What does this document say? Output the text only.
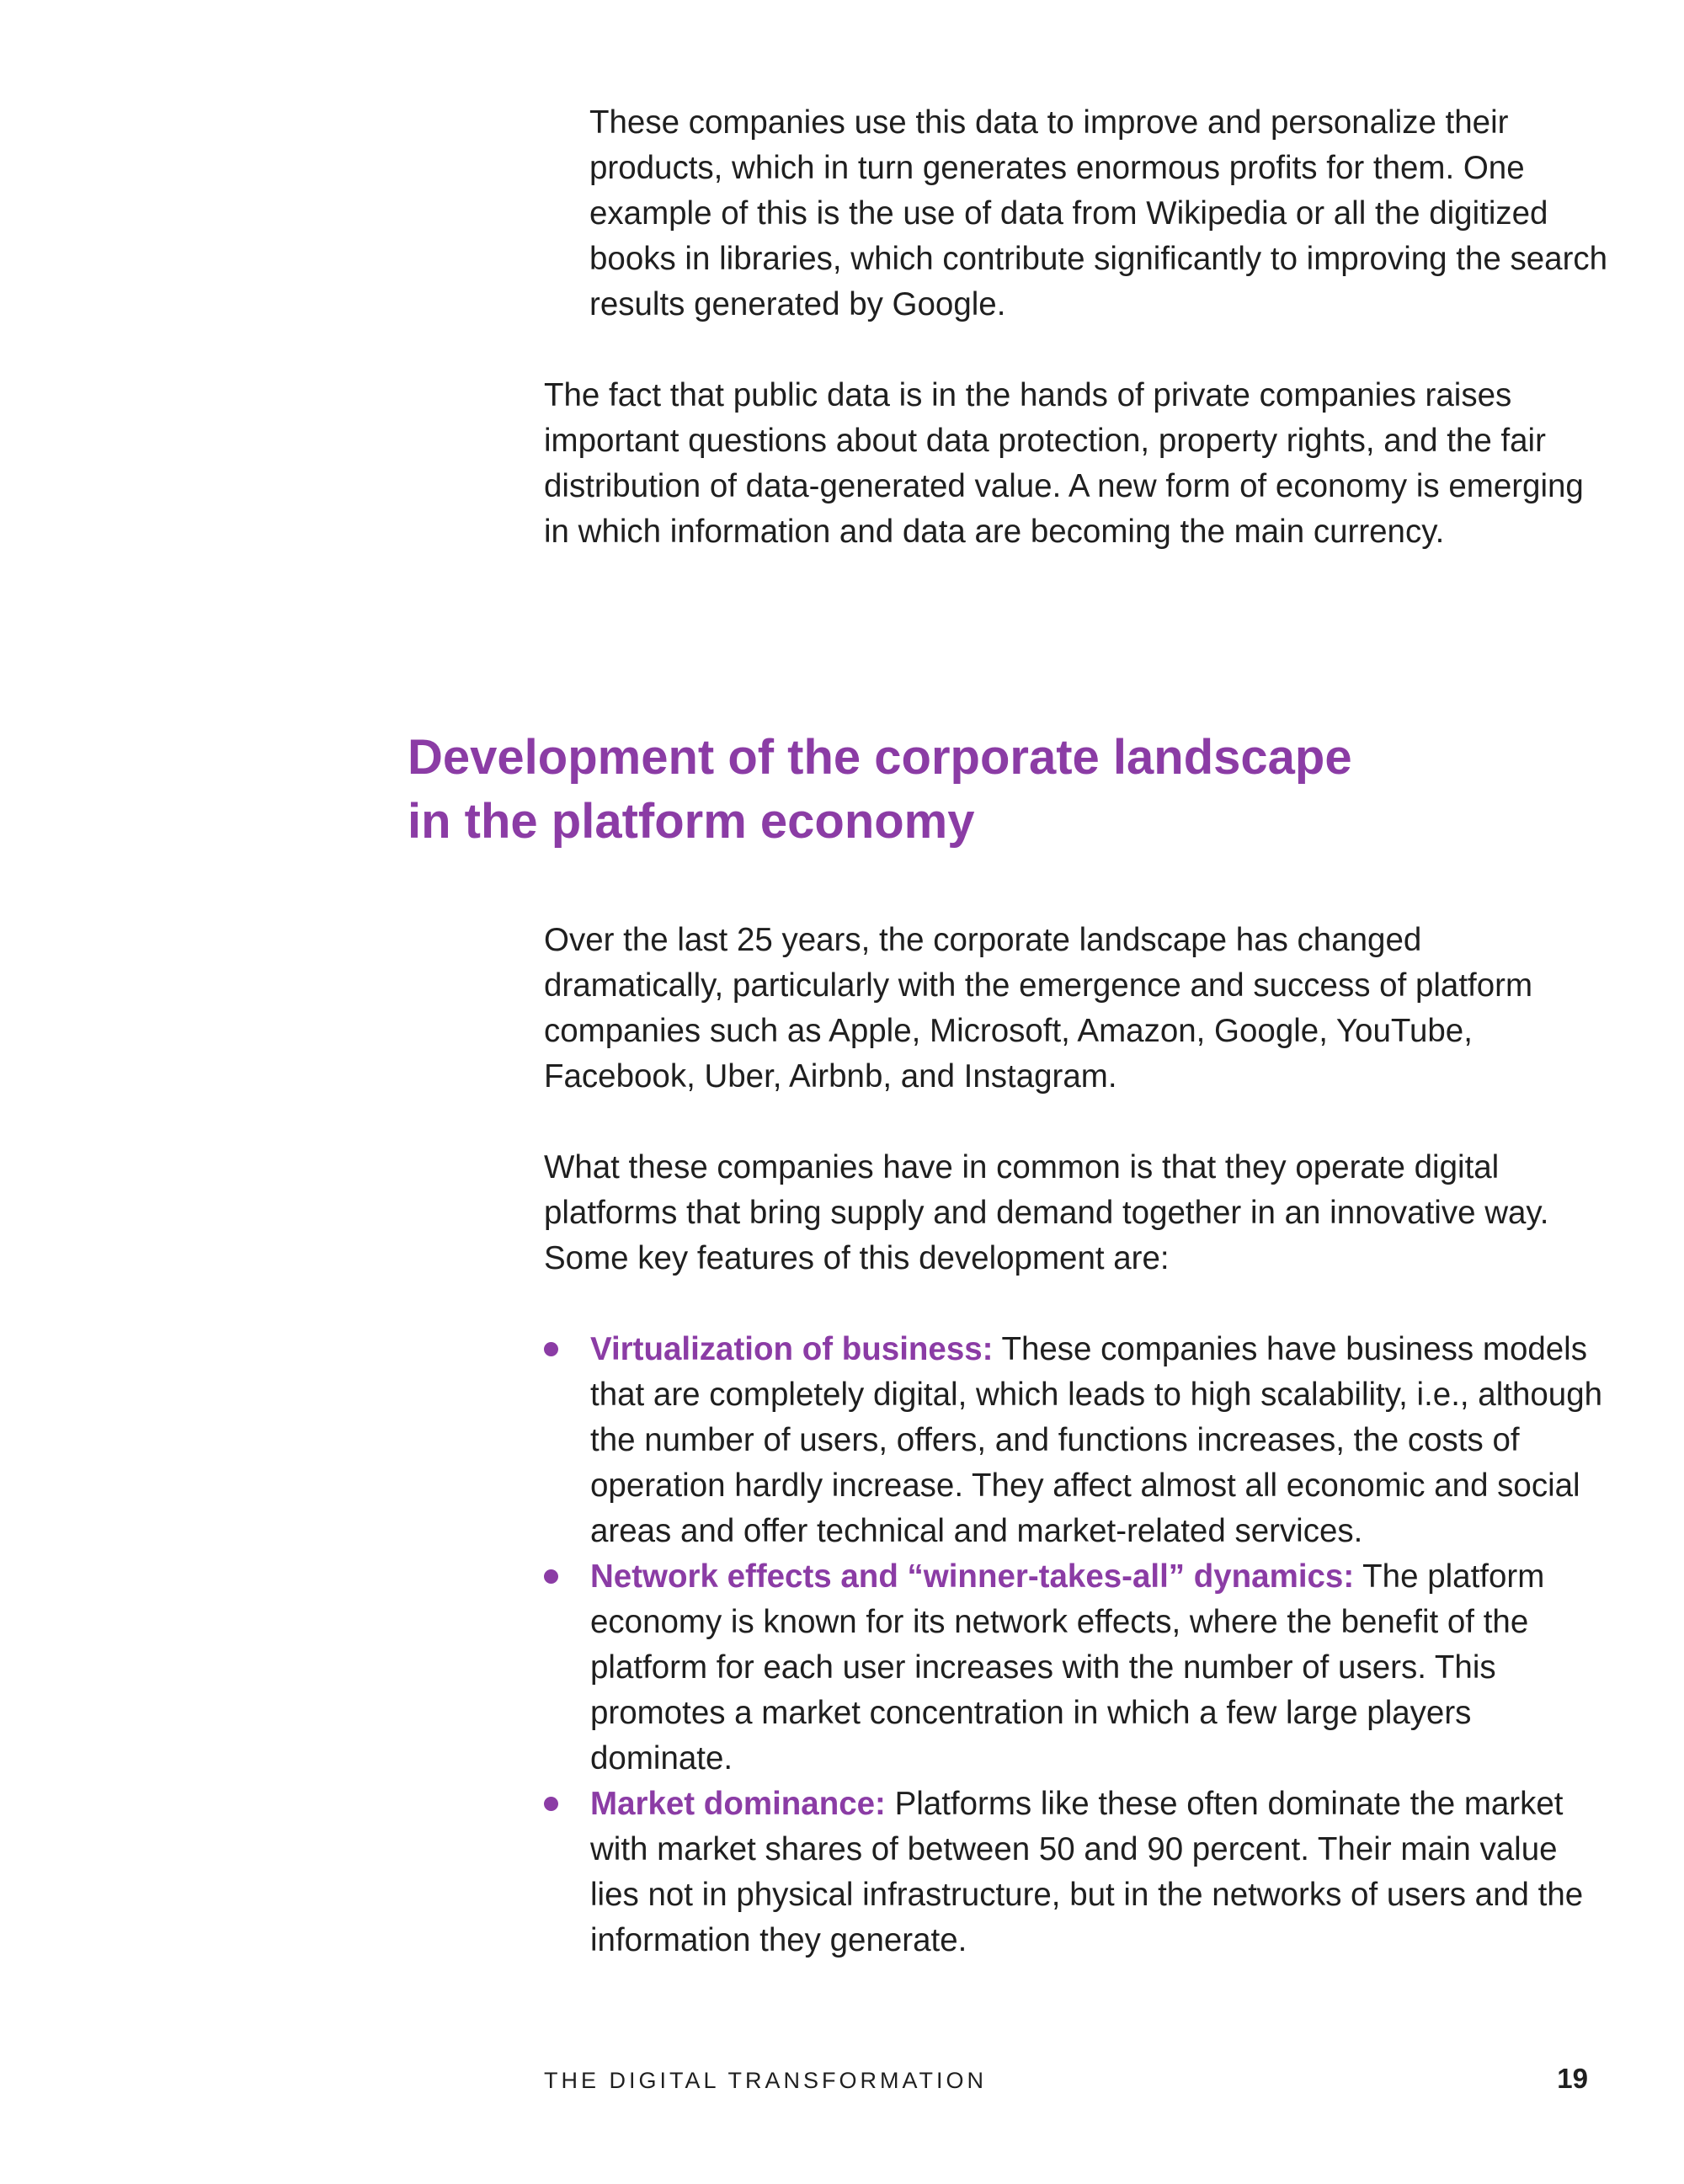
These companies use this data to improve and personalize their products, which in turn generates enormous profits for them. One example of this is the use of data from Wikipedia or all the digitized books in libraries, which contribute significantly to improving the search results generated by Google.

The fact that public data is in the hands of private companies raises important questions about data protection, property rights, and the fair distribution of data-generated value. A new form of economy is emerging in which information and data are becoming the main currency.

Development of the corporate landscape
in the platform economy

Over the last 25 years, the corporate landscape has changed dramatically, particularly with the emergence and success of platform companies such as Apple, Microsoft, Amazon, Google, YouTube, Facebook, Uber, Airbnb, and Instagram.

What these companies have in common is that they operate digital platforms that bring supply and demand together in an innovative way. Some key features of this development are:

Virtualization of business: These companies have business models that are completely digital, which leads to high scalability, i.e., although the number of users, offers, and functions increases, the costs of operation hardly increase. They affect almost all economic and social areas and offer technical and market-related services.
Network effects and “winner-takes-all” dynamics: The platform economy is known for its network effects, where the benefit of the platform for each user increases with the number of users. This promotes a market concentration in which a few large players dominate.
Market dominance: Platforms like these often dominate the market with market shares of between 50 and 90 percent. Their main value lies not in physical infrastructure, but in the networks of users and the information they generate.
THE DIGITAL TRANSFORMATION	19
